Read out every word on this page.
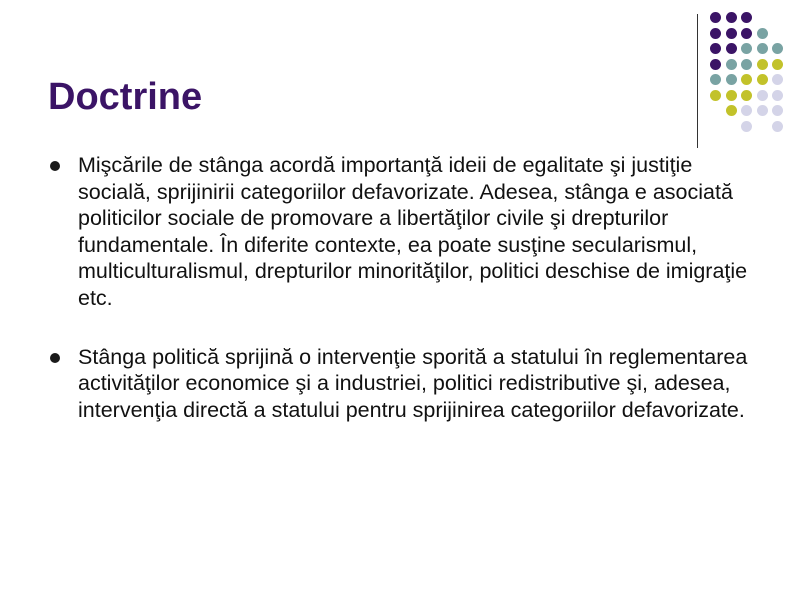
Doctrine
Mişcările de stânga acordă importanţă ideii de egalitate şi justiţie socială, sprijinirii categoriilor defavorizate. Adesea, stânga e asociată politicilor sociale de promovare a libertăţilor civile şi drepturilor fundamentale. În diferite contexte, ea poate susţine secularismul, multiculturalismul, drepturilor minorităţilor, politici deschise de imigraţie etc.
Stânga politică sprijină o intervenţie sporită a statului în reglementarea activităţilor economice şi a industriei, politici redistributive şi, adesea, intervenţia directă a statului pentru sprijinirea categoriilor defavorizate.
